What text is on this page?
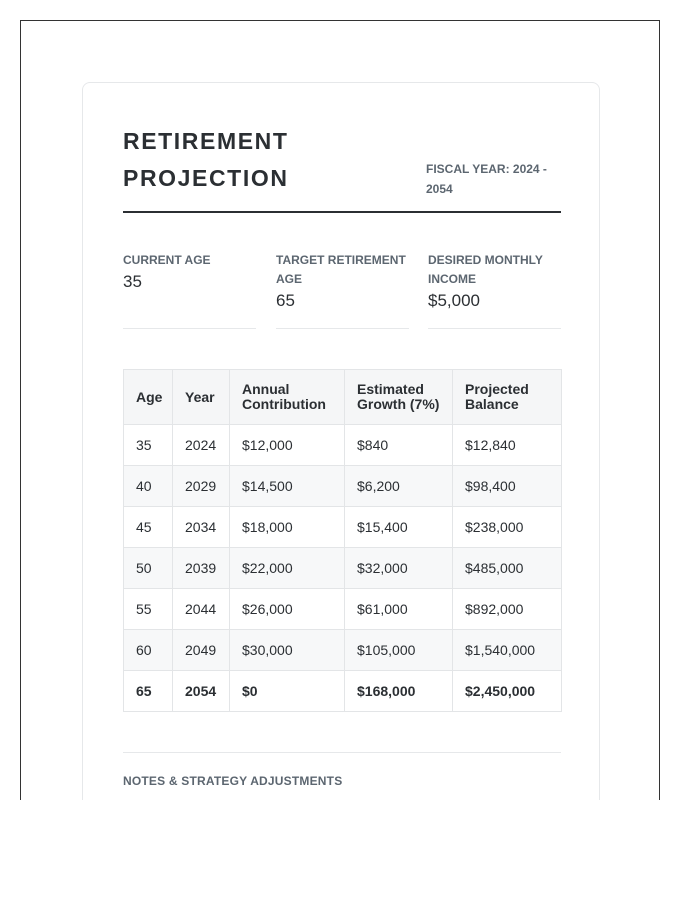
RETIREMENT PROJECTION	FISCAL YEAR: 2024 - 2054
CURRENT AGE
35
TARGET RETIREMENT AGE
65
DESIRED MONTHLY INCOME
$5,000
Age	Year	Annual Contribution	Estimated Growth (7%)	Projected Balance
35	2024	$12,000	$840	$12,840
40	2029	$14,500	$6,200	$98,400
45	2034	$18,000	$15,400	$238,000
50	2039	$22,000	$32,000	$485,000
55	2044	$26,000	$61,000	$892,000
60	2049	$30,000	$105,000	$1,540,000
65	2054	$0	$168,000	$2,450,000
NOTES & STRATEGY ADJUSTMENTS
